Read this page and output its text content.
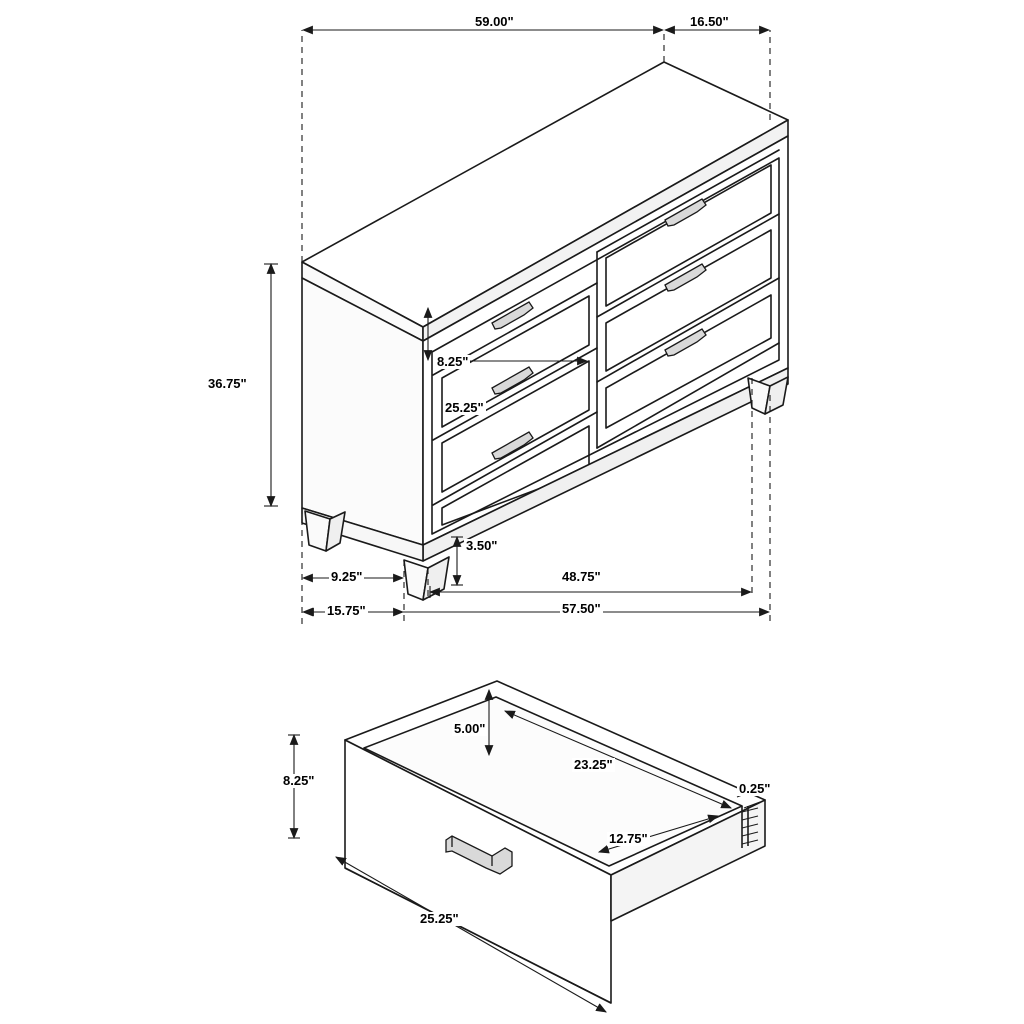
59.00"	16.50"
36.75"
8.25"
25.25"
3.50"
9.25"
15.75"
48.75"
57.50"
5.00"
8.25"
23.25"
0.25"
12.75"
25.25"
